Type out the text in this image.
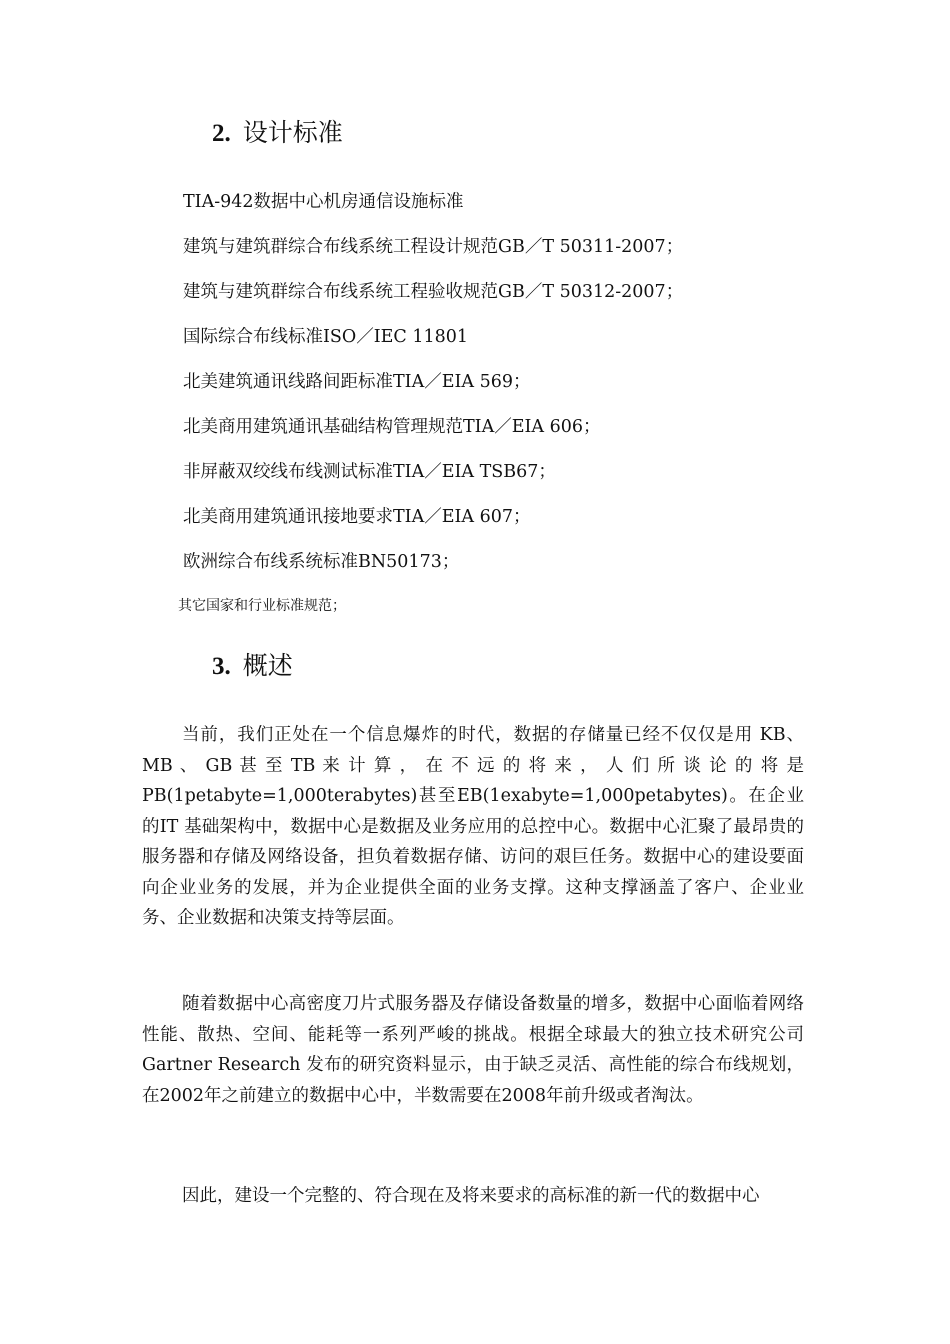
2. 设计标准
TIA-942数据中心机房通信设施标准
建筑与建筑群综合布线系统工程设计规范GB／T 50311-2007；
建筑与建筑群综合布线系统工程验收规范GB／T 50312-2007；
国际综合布线标准ISO／IEC 11801
北美建筑通讯线路间距标准TIA／EIA 569；
北美商用建筑通讯基础结构管理规范TIA／EIA 606；
非屏蔽双绞线布线测试标准TIA／EIA TSB67；
北美商用建筑通讯接地要求TIA／EIA 607；
欧洲综合布线系统标准BN50173；
其它国家和行业标准规范；
3. 概述

当前，我们正处在一个信息爆炸的时代，数据的存储量已经不仅仅是用 KB、MB 、 GB 甚 至 TB 来 计 算 ， 在 不 远 的 将 来 ， 人 们 所 谈 论 的 将 是 PB(1petabyte=1,000terabytes)甚至EB(1exabyte=1,000petabytes)。在企业的IT 基础架构中，数据中心是数据及业务应用的总控中心。数据中心汇聚了最昂贵的服务器和存储及网络设备，担负着数据存储、访问的艰巨任务。数据中心的建设要面向企业业务的发展，并为企业提供全面的业务支撑。这种支撑涵盖了客户、企业业务、企业数据和决策支持等层面。

随着数据中心高密度刀片式服务器及存储设备数量的增多，数据中心面临着网络性能、散热、空间、能耗等一系列严峻的挑战。根据全球最大的独立技术研究公司Gartner Research 发布的研究资料显示，由于缺乏灵活、高性能的综合布线规划，在2002年之前建立的数据中心中，半数需要在2008年前升级或者淘汰。

因此，建设一个完整的、符合现在及将来要求的高标准的新一代的数据中心
